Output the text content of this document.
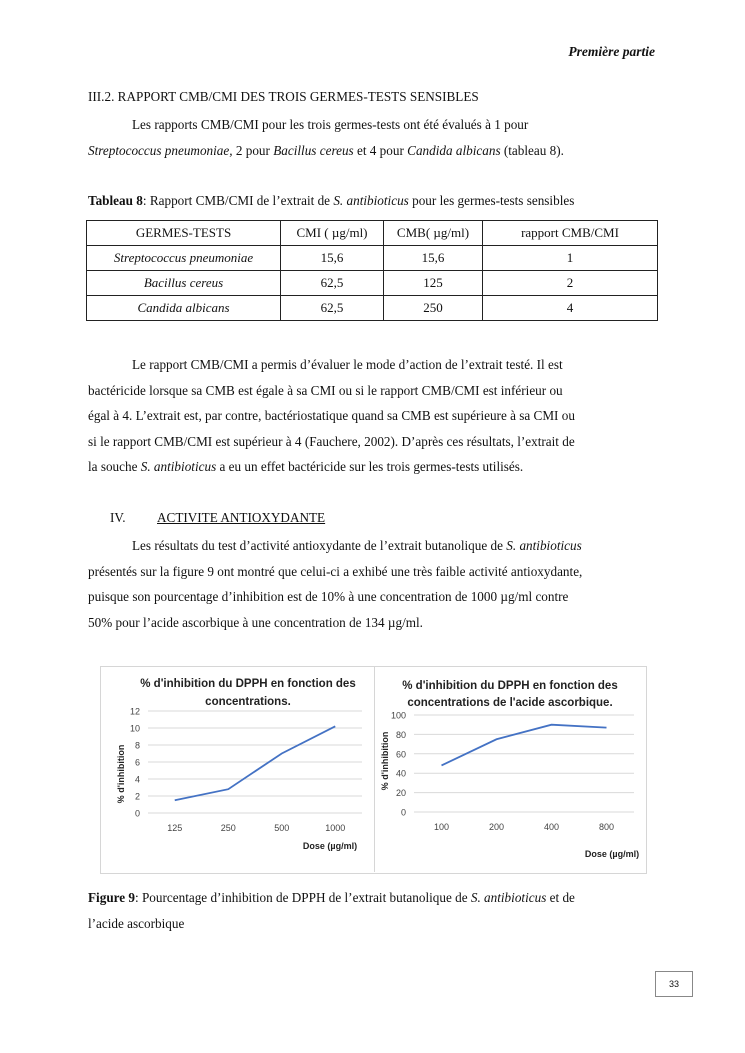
Première partie
III.2. RAPPORT CMB/CMI DES TROIS GERMES-TESTS SENSIBLES
Les rapports CMB/CMI pour les trois germes-tests ont été évalués à 1 pour
Streptococcus pneumoniae, 2 pour Bacillus cereus et 4 pour Candida albicans (tableau 8).
Tableau 8: Rapport CMB/CMI de l’extrait de S. antibioticus pour les germes-tests sensibles
GERMES-TESTS	CMI ( µg/ml)	CMB( µg/ml)	rapport CMB/CMI
Streptococcus pneumoniae	15,6	15,6	1
Bacillus cereus	62,5	125	2
Candida albicans	62,5	250	4
Le rapport CMB/CMI a permis d’évaluer le mode d’action de l’extrait testé. Il est
bactéricide lorsque sa CMB est égale à sa CMI ou si le rapport CMB/CMI est inférieur ou
égal à 4. L’extrait est, par contre, bactériostatique quand sa CMB est supérieure à sa CMI ou
si le rapport CMB/CMI est supérieur à 4 (Fauchere, 2002). D’après ces résultats, l’extrait de
la souche S. antibioticus a eu un effet bactéricide sur les trois germes-tests utilisés.
IV. ACTIVITE ANTIOXYDANTE
Les résultats du test d’activité antioxydante de l’extrait butanolique de S. antibioticus
présentés sur la figure 9 ont montré que celui-ci a exhibé une très faible activité antioxydante,
puisque son pourcentage d’inhibition est de 10% à une concentration de 1000 µg/ml contre
50% pour l’acide ascorbique à une concentration de 134 µg/ml.
% d'inhibition du DPPH en fonction des
concentrations.
% d'inhibition
Dose (µg/ml)
0
2
4
6
8
10
12
125	250	500	1000
% d'inhibition du DPPH en fonction des
concentrations de l'acide ascorbique.
% d'inhibition
Dose (µg/ml)
0
20
40
60
80
100
100	200	400	800
Figure 9: Pourcentage d’inhibition de DPPH de l’extrait butanolique de S. antibioticus et de
l’acide ascorbique
33
